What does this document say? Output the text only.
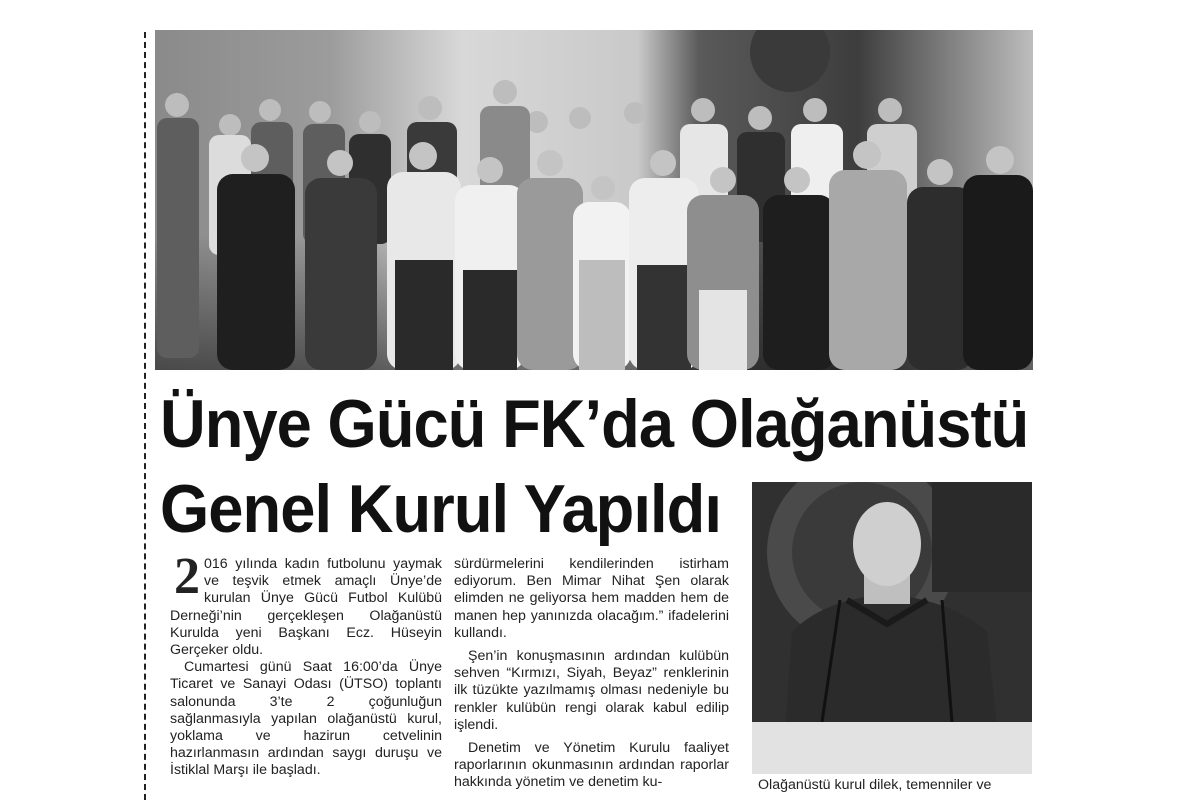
Ünye Gücü FK’da Olağanüstü
Genel Kurul Yapıldı

2 016 yılında kadın futbolunu yaymak ve teşvik etmek amaçlı Ünye’de kurulan Ünye Gücü Futbol Kulübü Derneği’nin gerçekleşen Olağanüstü Kurulda yeni Başkanı Ecz. Hüseyin Gerçeker oldu.

Cumartesi günü Saat 16:00’da Ünye Ticaret ve Sanayi Odası (ÜTSO) toplantı salonunda 3’te 2 çoğunluğun sağlanmasıyla yapılan olağanüstü kurul, yoklama ve hazirun cetvelinin hazırlanmasın ardından saygı duruşu ve İstiklal Marşı ile başladı.

sürdürmelerini kendilerinden istirham ediyorum. Ben Mimar Nihat Şen olarak elimden ne geliyorsa hem madden hem de manen hep yanınızda olacağım.” ifadelerini kullandı.

Şen’in konuşmasının ardından kulübün sehven “Kırmızı, Siyah, Beyaz” renklerinin ilk tüzükte yazılmamış olması nedeniyle bu renkler kulübün rengi olarak kabul edilip işlendi.

Denetim ve Yönetim Kurulu faaliyet raporlarının okunmasının ardından raporlar hakkında yönetim ve denetim ku-	Olağanüstü kurul dilek, temenniler ve
